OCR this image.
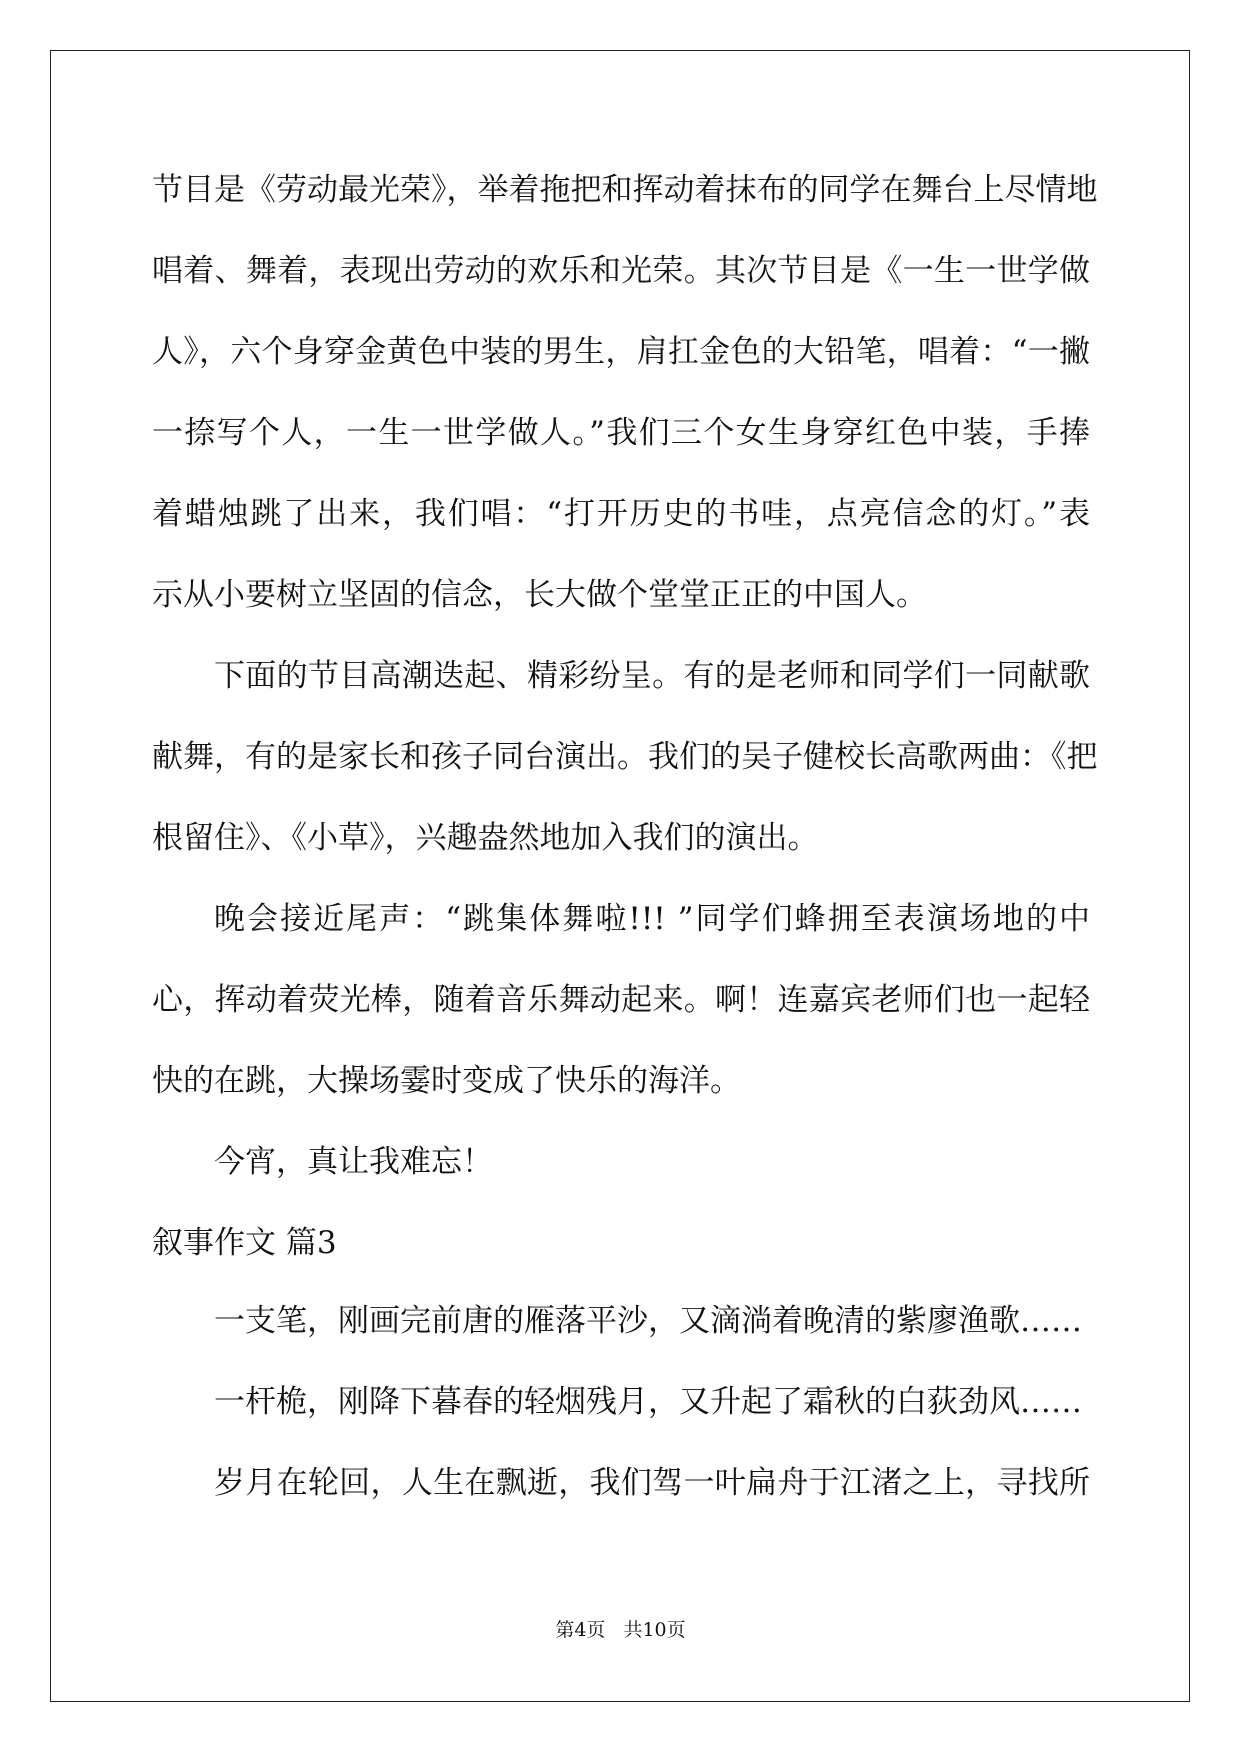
节目是《劳动最光荣》，举着拖把和挥动着抹布的同学在舞台上尽情地
唱着、舞着，表现出劳动的欢乐和光荣。其次节目是《一生一世学做
人》，六个身穿金黄色中装的男生，肩扛金色的大铅笔，唱着：“一撇
一捺写个人，一生一世学做人。”我们三个女生身穿红色中装，手捧
着蜡烛跳了出来，我们唱：“打开历史的书哇，点亮信念的灯。”表
示从小要树立坚固的信念，长大做个堂堂正正的中国人。
下面的节目高潮迭起、精彩纷呈。有的是老师和同学们一同献歌
献舞，有的是家长和孩子同台演出。我们的吴子健校长高歌两曲：《把
根留住》、《小草》，兴趣盎然地加入我们的演出。
晚会接近尾声：“跳集体舞啦!!! ”同学们蜂拥至表演场地的中
心，挥动着荧光棒，随着音乐舞动起来。啊！连嘉宾老师们也一起轻
快的在跳，大操场霎时变成了快乐的海洋。
今宵，真让我难忘！
叙事作文 篇3
一支笔，刚画完前唐的雁落平沙，又滴淌着晚清的紫廖渔歌……
一杆桅，刚降下暮春的轻烟残月，又升起了霜秋的白荻劲风……
岁月在轮回，人生在飘逝，我们驾一叶扁舟于江渚之上，寻找所
第4页 共10页
